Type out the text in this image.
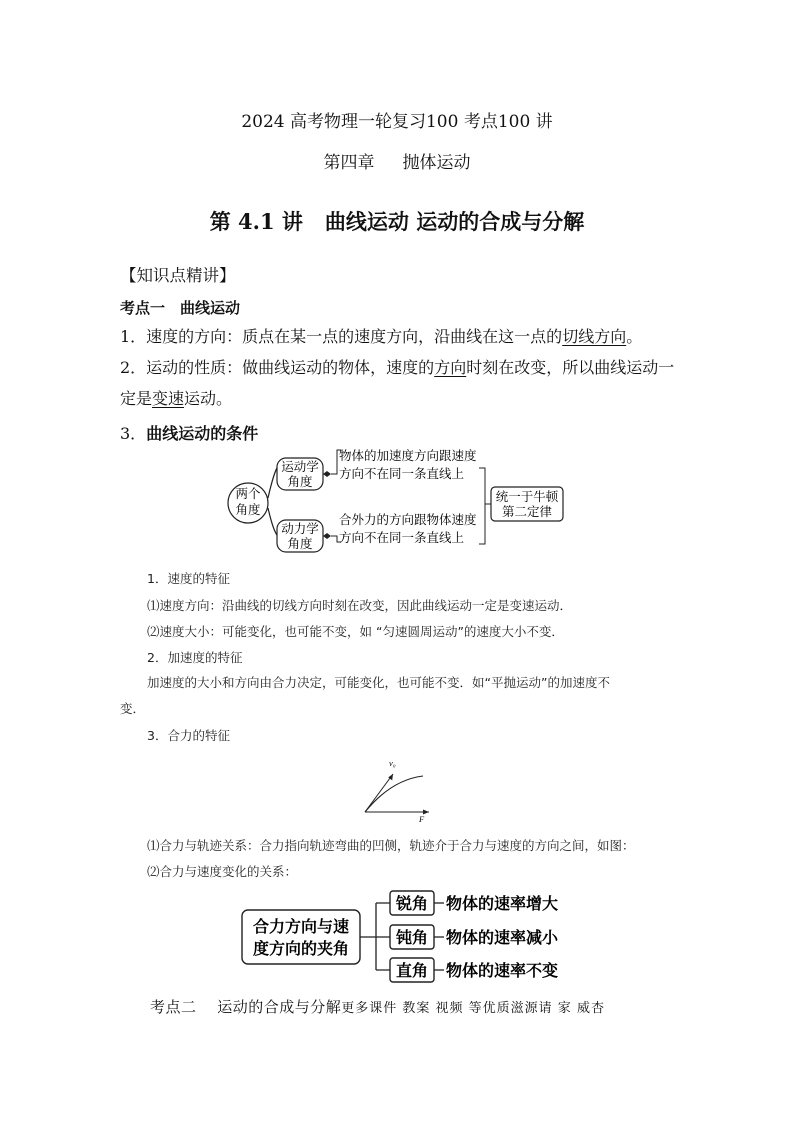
2024 高考物理一轮复习100 考点100 讲
第四章 抛体运动
第 4.1 讲 曲线运动 运动的合成与分解
【知识点精讲】
考点一　曲线运动
1．速度的方向：质点在某一点的速度方向，沿曲线在这一点的切线方向。
2．运动的性质：做曲线运动的物体，速度的方向时刻在改变，所以曲线运动一定是变速运动。
3．曲线运动的条件
两个
角度
运动学
角度
动力学
角度
物体的加速度方向跟速度
方向不在同一条直线上
合外力的方向跟物体速度
方向不在同一条直线上
统一于牛顿
第二定律
1．速度的特征
⑴速度方向：沿曲线的切线方向时刻在改变，因此曲线运动一定是变速运动．
⑵速度大小：可能变化，也可能不变，如 “匀速圆周运动”的速度大小不变．
2．加速度的特征
加速度的大小和方向由合力决定，可能变化，也可能不变．如“平抛运动”的加速度不
变．
3．合力的特征
v₀
F
⑴合力与轨迹关系：合力指向轨迹弯曲的凹侧，轨迹介于合力与速度的方向之间，如图：
⑵合力与速度变化的关系：
合力方向与速
度方向的夹角
锐角 物体的速率增大
钝角 物体的速率减小
直角 物体的速率不变
考点二　 运动的合成与分解更多课件 教案 视频 等优质滋源请 家 威杏
